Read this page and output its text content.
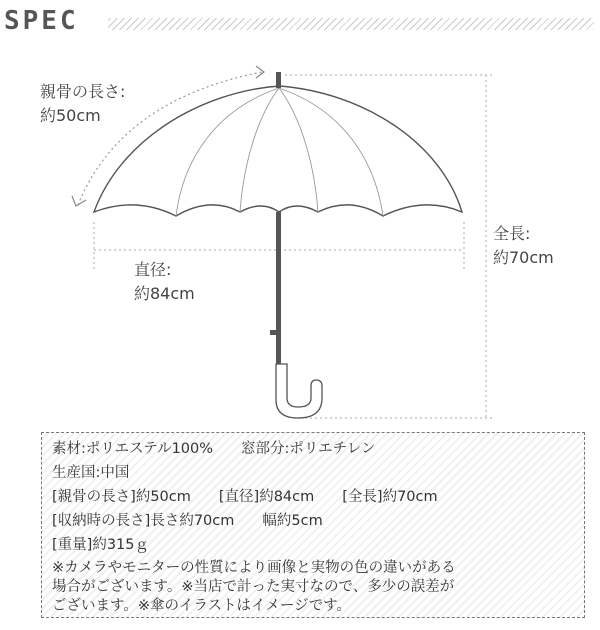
SPEC
親骨の長さ:
約50cm
直径:
約84cm
全長:
約70cm
素材:ポリエステル100% 窓部分:ポリエチレン
生産国:中国
[親骨の長さ]約50cm [直径]約84cm [全長]約70cm
[収納時の長さ]長さ約70cm 幅約5cm
[重量]約315ｇ
※カメラやモニターの性質により画像と実物の色の違いがある
場合がございます。※当店で計った実寸なので、多少の誤差が
ございます。※傘のイラストはイメージです。
